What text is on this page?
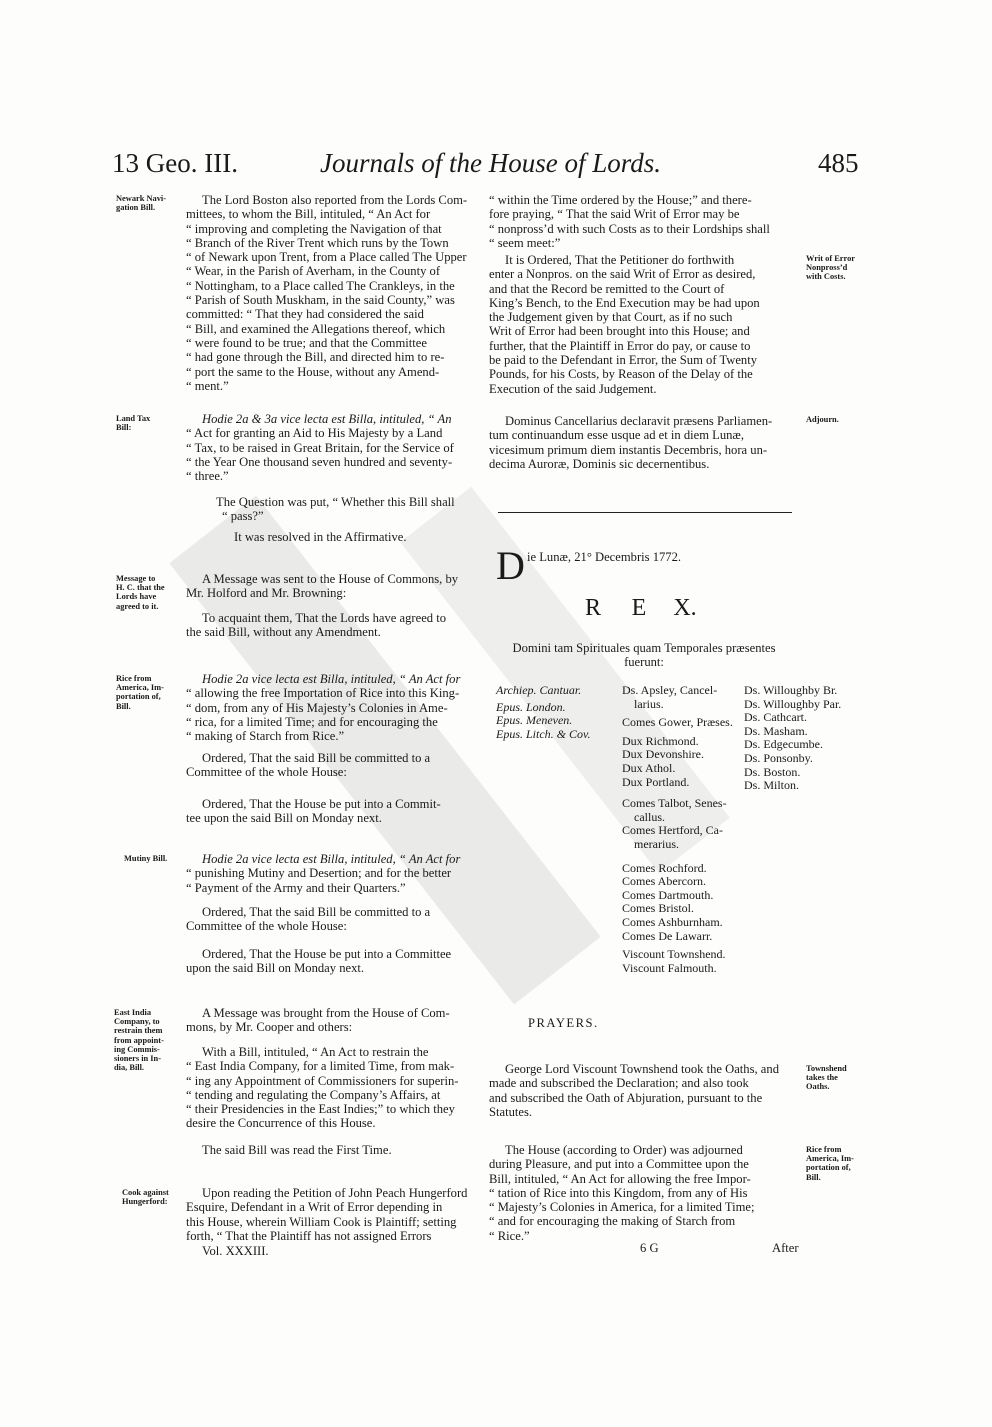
13 Geo. III.	Journals of the House of Lords.	485
Newark Navi-
gation Bill.

The Lord Boston also reported from the Lords Com-

mittees, to whom the Bill, intituled, “ An Act for

“ improving and completing the Navigation of that

“ Branch of the River Trent which runs by the Town

“ of Newark upon Trent, from a Place called The Upper

“ Wear, in the Parish of Averham, in the County of

“ Nottingham, to a Place called The Crankleys, in the

“ Parish of South Muskham, in the said County,” was

committed: “ That they had considered the said

“ Bill, and examined the Allegations thereof, which

“ were found to be true; and that the Committee

“ had gone through the Bill, and directed him to re-

“ port the same to the House, without any Amend-

“ ment.”

Land Tax
Bill:

Hodie 2a & 3a vice lecta est Billa, intituled, “ An

“ Act for granting an Aid to His Majesty by a Land

“ Tax, to be raised in Great Britain, for the Service of

“ the Year One thousand seven hundred and seventy-

“ three.”

The Question was put, “ Whether this Bill shall

“ pass?”

It was resolved in the Affirmative.
Message to
H. C. that the
Lords have
agreed to it.

A Message was sent to the House of Commons, by

Mr. Holford and Mr. Browning:

To acquaint them, That the Lords have agreed to

the said Bill, without any Amendment.

Rice from
America, Im-
portation of,
Bill.

Hodie 2a vice lecta est Billa, intituled, “ An Act for

“ allowing the free Importation of Rice into this King-

“ dom, from any of His Majesty’s Colonies in Ame-

“ rica, for a limited Time; and for encouraging the

“ making of Starch from Rice.”

Ordered, That the said Bill be committed to a

Committee of the whole House:

Ordered, That the House be put into a Commit-

tee upon the said Bill on Monday next.

Mutiny Bill.	Hodie 2a vice lecta est Billa, intituled, “ An Act for

“ punishing Mutiny and Desertion; and for the better

“ Payment of the Army and their Quarters.”

Ordered, That the said Bill be committed to a

Committee of the whole House:

Ordered, That the House be put into a Committee

upon the said Bill on Monday next.

East India
Company, to
restrain them
from appoint-
ing Commis-
sioners in In-
dia, Bill.

A Message was brought from the House of Com-

mons, by Mr. Cooper and others:

With a Bill, intituled, “ An Act to restrain the

“ East India Company, for a limited Time, from mak-

“ ing any Appointment of Commissioners for superin-

“ tending and regulating the Company’s Affairs, at

“ their Presidencies in the East Indies;” to which they

desire the Concurrence of this House.

The said Bill was read the First Time.
Cook against
Hungerford:

Upon reading the Petition of John Peach Hungerford

Esquire, Defendant in a Writ of Error depending in

this House, wherein William Cook is Plaintiff; setting

forth, “ That the Plaintiff has not assigned Errors

Vol. XXXIII.

“ within the Time ordered by the House;” and there-

fore praying, “ That the said Writ of Error may be

“ nonpross’d with such Costs as to their Lordships shall

“ seem meet:”

Writ of Error
Nonpross’d
with Costs.

It is Ordered, That the Petitioner do forthwith

enter a Nonpros. on the said Writ of Error as desired,

and that the Record be remitted to the Court of

King’s Bench, to the End Execution may be had upon

the Judgement given by that Court, as if no such

Writ of Error had been brought into this House; and

further, that the Plaintiff in Error do pay, or cause to

be paid to the Defendant in Error, the Sum of Twenty

Pounds, for his Costs, by Reason of the Delay of the

Execution of the said Judgement.

Adjourn.

Dominus Cancellarius declaravit præsens Parliamen-

tum continuandum esse usque ad et in diem Lunæ,

vicesimum primum diem instantis Decembris, hora un-

decima Auroræ, Dominis sic decernentibus.

D ie Lunæ, 21° Decembris 1772.
R E X.
Domini tam Spirituales quam Temporales præsentes
fuerunt:
Archiep. Cantuar.
Epus. London.
Epus. Meneven.
Epus. Litch. & Cov.
Ds. Apsley, Cancel-
larius.
Comes Gower, Præses.
Dux Richmond.
Dux Devonshire.
Dux Athol.
Dux Portland.
Comes Talbot, Senes-
callus.
Comes Hertford, Ca-
merarius.
Comes Rochford.
Comes Abercorn.
Comes Dartmouth.
Comes Bristol.
Comes Ashburnham.
Comes De Lawarr.
Viscount Townshend.
Viscount Falmouth.
Ds. Willoughby Br.
Ds. Willoughby Par.
Ds. Cathcart.
Ds. Masham.
Ds. Edgecumbe.
Ds. Ponsonby.
Ds. Boston.
Ds. Milton.
PRAYERS.
Townshend
takes the
Oaths.

George Lord Viscount Townshend took the Oaths, and

made and subscribed the Declaration; and also took

and subscribed the Oath of Abjuration, pursuant to the

Statutes.

Rice from
America, Im-
portation of,
Bill.

The House (according to Order) was adjourned

during Pleasure, and put into a Committee upon the

Bill, intituled, “ An Act for allowing the free Impor-

“ tation of Rice into this Kingdom, from any of His

“ Majesty’s Colonies in America, for a limited Time;

“ and for encouraging the making of Starch from

“ Rice.”

6 G	After
